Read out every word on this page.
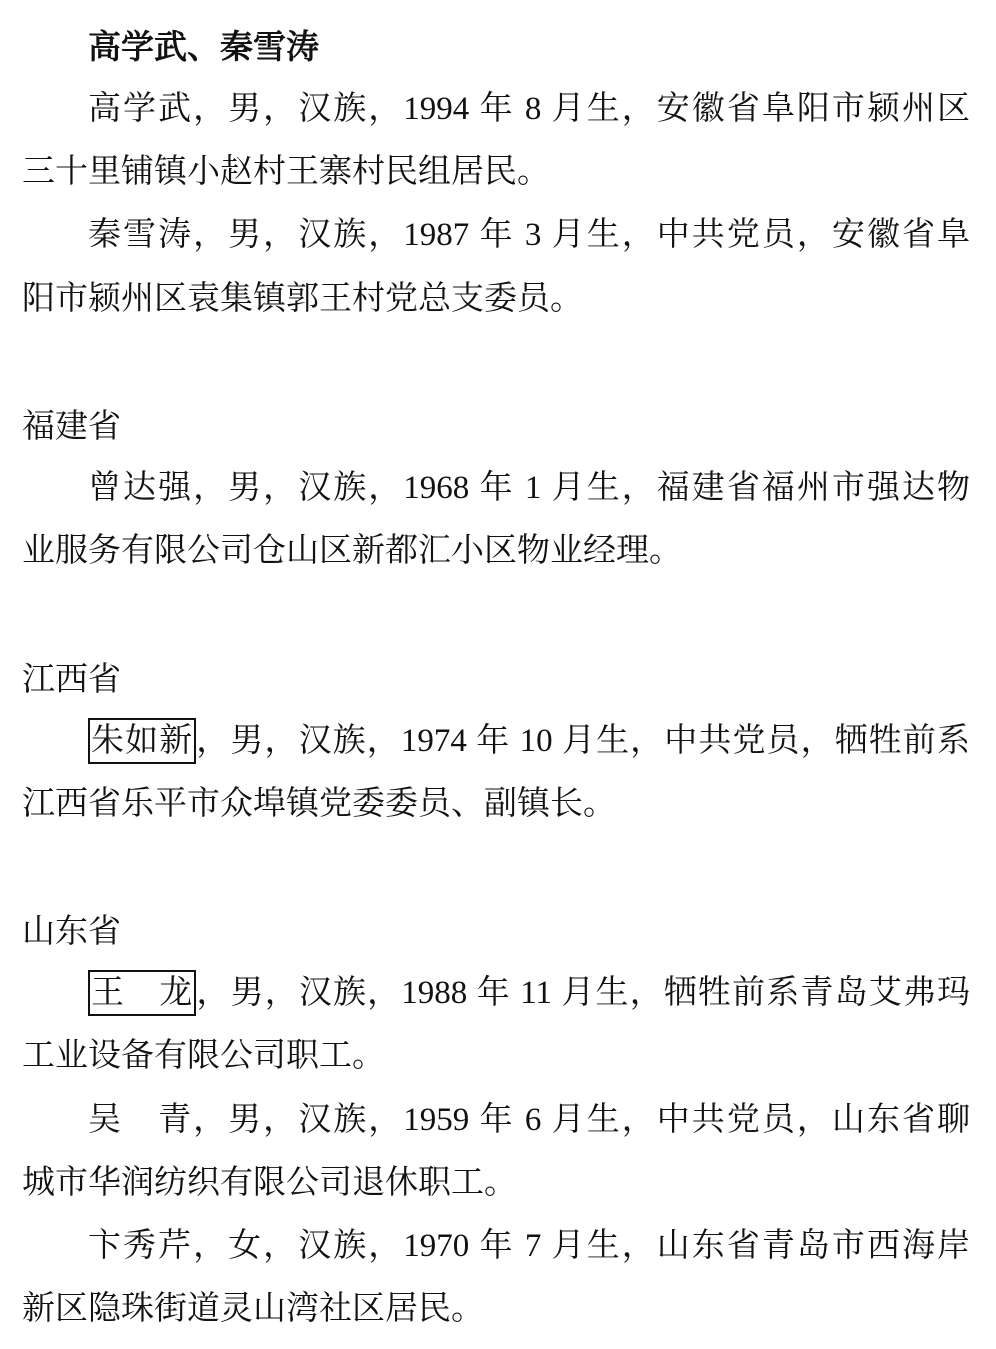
高学武、秦雪涛
高学武，男，汉族，1994 年 8 月生，安徽省阜阳市颍州区
三十里铺镇小赵村王寨村民组居民。
秦雪涛，男，汉族，1987 年 3 月生，中共党员，安徽省阜
阳市颍州区袁集镇郭王村党总支委员。
福建省
曾达强，男，汉族，1968 年 1 月生，福建省福州市强达物
业服务有限公司仓山区新都汇小区物业经理。
江西省
朱如新，男，汉族，1974 年 10 月生，中共党员，牺牲前系
江西省乐平市众埠镇党委委员、副镇长。
山东省
王　龙，男，汉族，1988 年 11 月生，牺牲前系青岛艾弗玛
工业设备有限公司职工。
吴　青，男，汉族，1959 年 6 月生，中共党员，山东省聊
城市华润纺织有限公司退休职工。
卞秀芹，女，汉族，1970 年 7 月生，山东省青岛市西海岸
新区隐珠街道灵山湾社区居民。
